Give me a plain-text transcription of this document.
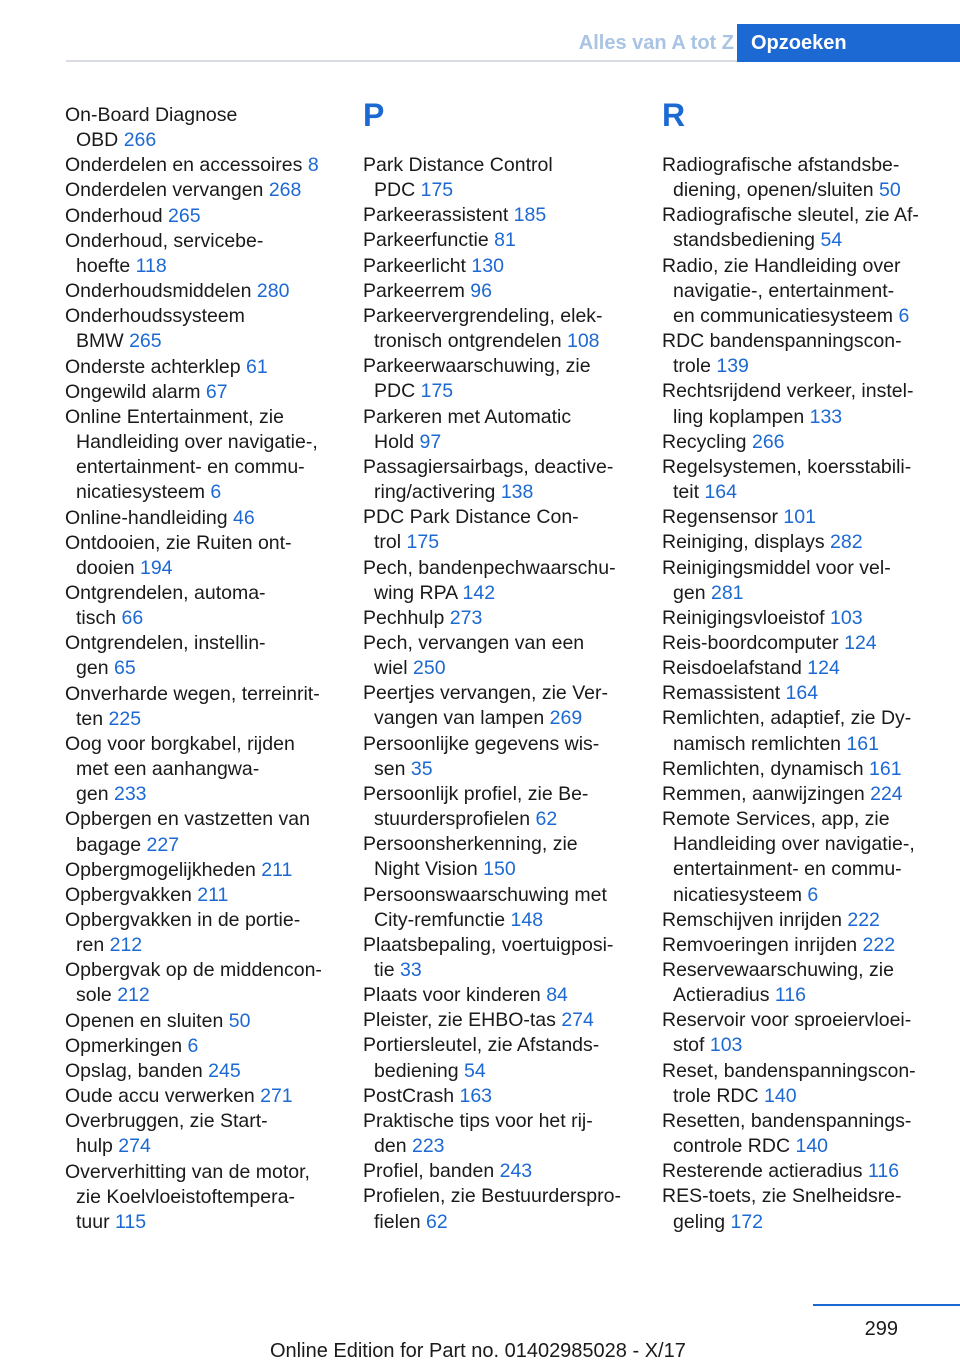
Alles van A tot Z Opzoeken
On-Board Diagnose
OBD 266
Onderdelen en accessoires 8
Onderdelen vervangen 268
Onderhoud 265
Onderhoud, servicebe-
hoefte 118
Onderhoudsmiddelen 280
Onderhoudssysteem
BMW 265
Onderste achterklep 61
Ongewild alarm 67
Online Entertainment, zie
Handleiding over navigatie-,
entertainment- en commu-
nicatiesysteem 6
Online-handleiding 46
Ontdooien, zie Ruiten ont-
dooien 194
Ontgrendelen, automa-
tisch 66
Ontgrendelen, instellin-
gen 65
Onverharde wegen, terreinrit-
ten 225
Oog voor borgkabel, rijden
met een aanhangwa-
gen 233
Opbergen en vastzetten van
bagage 227
Opbergmogelijkheden 211
Opbergvakken 211
Opbergvakken in de portie-
ren 212
Opbergvak op de middencon-
sole 212
Openen en sluiten 50
Opmerkingen 6
Opslag, banden 245
Oude accu verwerken 271
Overbruggen, zie Start-
hulp 274
Oververhitting van de motor,
zie Koelvloeistoftempera-
tuur 115
P
Park Distance Control
PDC 175
Parkeerassistent 185
Parkeerfunctie 81
Parkeerlicht 130
Parkeerrem 96
Parkeervergrendeling, elek-
tronisch ontgrendelen 108
Parkeerwaarschuwing, zie
PDC 175
Parkeren met Automatic
Hold 97
Passagiersairbags, deactive-
ring/activering 138
PDC Park Distance Con-
trol 175
Pech, bandenpechwaarschu-
wing RPA 142
Pechhulp 273
Pech, vervangen van een
wiel 250
Peertjes vervangen, zie Ver-
vangen van lampen 269
Persoonlijke gegevens wis-
sen 35
Persoonlijk profiel, zie Be-
stuurdersprofielen 62
Persoonsherkenning, zie
Night Vision 150
Persoonswaarschuwing met
City-remfunctie 148
Plaatsbepaling, voertuigposi-
tie 33
Plaats voor kinderen 84
Pleister, zie EHBO-tas 274
Portiersleutel, zie Afstands-
bediening 54
PostCrash 163
Praktische tips voor het rij-
den 223
Profiel, banden 243
Profielen, zie Bestuurderspro-
fielen 62
R
Radiografische afstandsbe-
diening, openen/sluiten 50
Radiografische sleutel, zie Af-
standsbediening 54
Radio, zie Handleiding over
navigatie-, entertainment-
en communicatiesysteem 6
RDC bandenspanningscon-
trole 139
Rechtsrijdend verkeer, instel-
ling koplampen 133
Recycling 266
Regelsystemen, koersstabili-
teit 164
Regensensor 101
Reiniging, displays 282
Reinigingsmiddel voor vel-
gen 281
Reinigingsvloeistof 103
Reis-boordcomputer 124
Reisdoelafstand 124
Remassistent 164
Remlichten, adaptief, zie Dy-
namisch remlichten 161
Remlichten, dynamisch 161
Remmen, aanwijzingen 224
Remote Services, app, zie
Handleiding over navigatie-,
entertainment- en commu-
nicatiesysteem 6
Remschijven inrijden 222
Remvoeringen inrijden 222
Reservewaarschuwing, zie
Actieradius 116
Reservoir voor sproeiervloei-
stof 103
Reset, bandenspanningscon-
trole RDC 140
Resetten, bandenspannings-
controle RDC 140
Resterende actieradius 116
RES-toets, zie Snelheidsre-
geling 172
299
Online Edition for Part no. 01402985028 - X/17
